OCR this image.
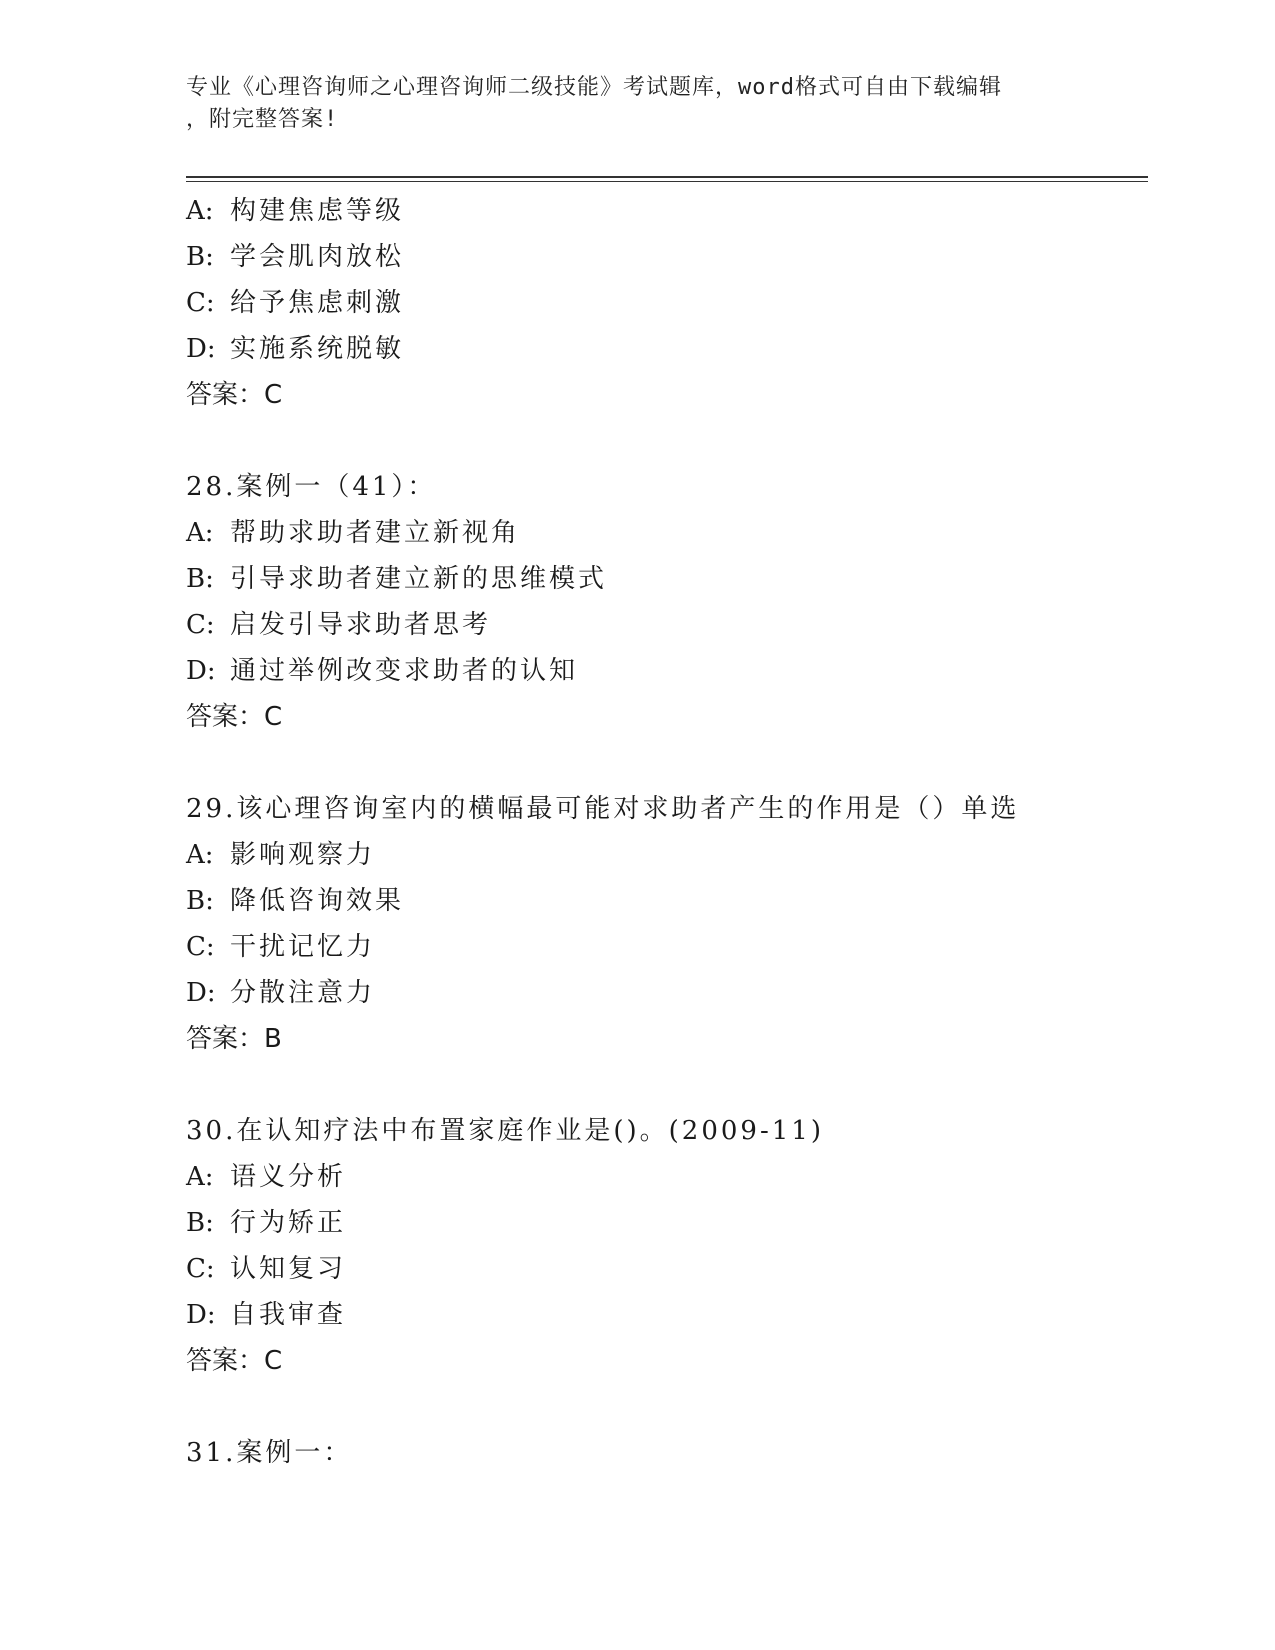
专业《心理咨询师之心理咨询师二级技能》考试题库，word格式可自由下载编辑
，附完整答案!
A: 构建焦虑等级
B: 学会肌肉放松
C: 给予焦虑刺激
D: 实施系统脱敏
答案：C
28.案例一（41）：
A: 帮助求助者建立新视角
B: 引导求助者建立新的思维模式
C: 启发引导求助者思考
D: 通过举例改变求助者的认知
答案：C
29.该心理咨询室内的横幅最可能对求助者产生的作用是（）单选
A: 影响观察力
B: 降低咨询效果
C: 干扰记忆力
D: 分散注意力
答案：B
30.在认知疗法中布置家庭作业是()。(2009-11)
A: 语义分析
B: 行为矫正
C: 认知复习
D: 自我审查
答案：C
31.案例一：
